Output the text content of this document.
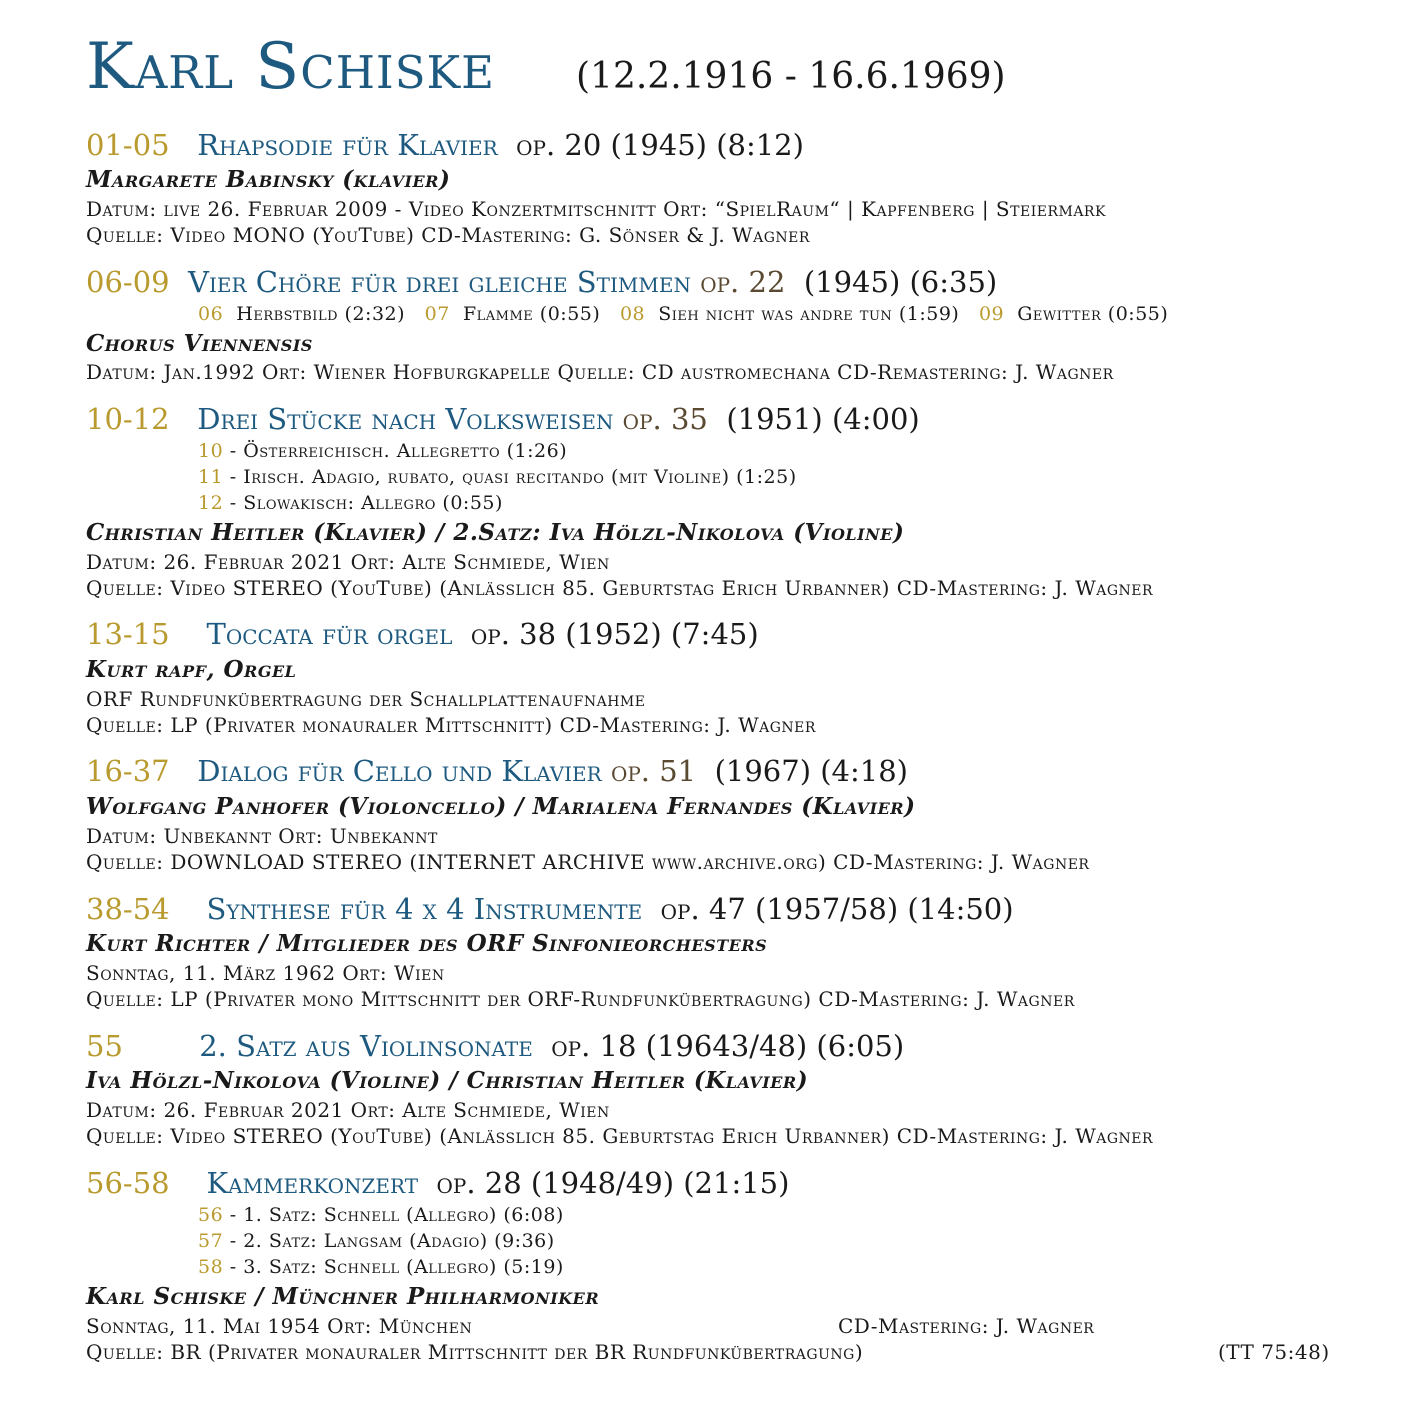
Karl Schiske (12.2.1916 - 16.6.1969)
01-05 Rhapsodie für Klavier op. 20 (1945) (8:12)
Margarete Babinsky (klavier)
Datum: live 26. Februar 2009 - Video Konzertmitschnitt Ort: “SpielRaum“ | Kapfenberg | Steiermark
Quelle: Video MONO (YouTube) CD-Mastering: G. Sönser & J. Wagner
06-09 Vier Chöre für drei gleiche Stimmen op. 22 (1945) (6:35)
06 Herbstbild (2:32) 07 Flamme (0:55) 08 Sieh nicht was andre tun (1:59) 09 Gewitter (0:55)
Chorus Viennensis
Datum: Jan.1992 Ort: Wiener Hofburgkapelle Quelle: CD austromechana CD-Remastering: J. Wagner
10-12 Drei Stücke nach Volksweisen op. 35 (1951) (4:00)
10 - Österreichisch. Allegretto (1:26)
11 - Irisch. Adagio, rubato, quasi recitando (mit Violine) (1:25)
12 - Slowakisch: Allegro (0:55)
Christian Heitler (Klavier) / 2.Satz: Iva Hölzl-Nikolova (Violine)
Datum: 26. Februar 2021 Ort: Alte Schmiede, Wien
Quelle: Video STEREO (YouTube) (Anlässlich 85. Geburtstag Erich Urbanner) CD-Mastering: J. Wagner
13-15 Toccata für orgel op. 38 (1952) (7:45)
Kurt rapf, Orgel
ORF Rundfunkübertragung der Schallplattenaufnahme
Quelle: LP (Privater monauraler Mittschnitt) CD-Mastering: J. Wagner
16-37 Dialog für Cello und Klavier op. 51 (1967) (4:18)
Wolfgang Panhofer (Violoncello) / Marialena Fernandes (Klavier)
Datum: Unbekannt Ort: Unbekannt
Quelle: DOWNLOAD STEREO (INTERNET ARCHIVE www.archive.org) CD-Mastering: J. Wagner
38-54 Synthese für 4 x 4 Instrumente op. 47 (1957/58) (14:50)
Kurt Richter / Mitglieder des ORF Sinfonieorchesters
Sonntag, 11. März 1962 Ort: Wien
Quelle: LP (Privater mono Mittschnitt der ORF-Rundfunkübertragung) CD-Mastering: J. Wagner
55	2. Satz aus Violinsonate op. 18 (19643/48) (6:05)
Iva Hölzl-Nikolova (Violine) / Christian Heitler (Klavier)
Datum: 26. Februar 2021 Ort: Alte Schmiede, Wien
Quelle: Video STEREO (YouTube) (Anlässlich 85. Geburtstag Erich Urbanner) CD-Mastering: J. Wagner
56-58 Kammerkonzert op. 28 (1948/49) (21:15)
56 - 1. Satz: Schnell (Allegro) (6:08)
57 - 2. Satz: Langsam (Adagio) (9:36)
58 - 3. Satz: Schnell (Allegro) (5:19)
Karl Schiske / Münchner Philharmoniker
Sonntag, 11. Mai 1954 Ort: München	CD-Mastering: J. Wagner
Quelle: BR (Privater monauraler Mittschnitt der BR Rundfunkübertragung)	(TT 75:48)
